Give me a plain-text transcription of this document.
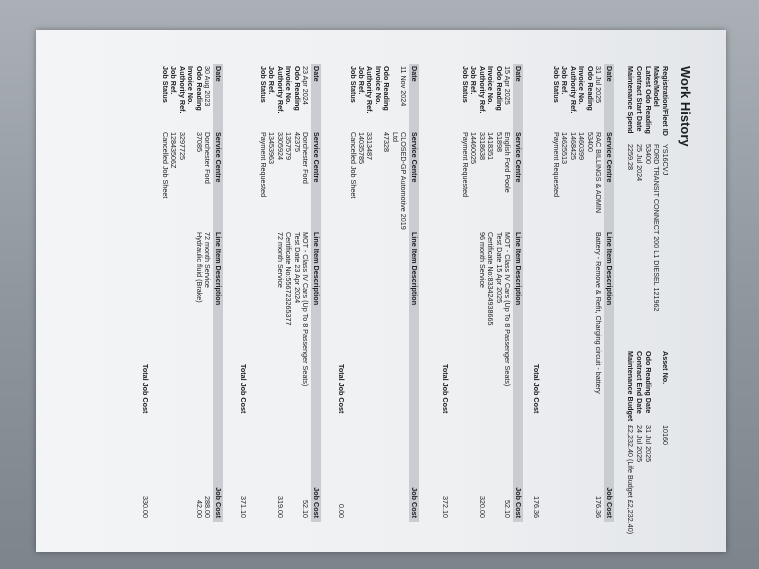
Work History
Registration/Fleet ID
YS16CVJ
Make/Model
FORD TRANSIT CONNECT 200 L1 DIESEL 121962
Latest Odo Reading
53400
Contract Start Date
25 Jul 2024
Maintenance Spend
2259.28
Asset No.
10160
Odo Reading Date
31 Jul 2025
Contract End Date
24 Jul 2025
Maintenance Budget
£2,232.40 (Life Budget £2,232.40)
Date
Service Centre
Line Item Description
Job Cost
31 Jul 2025
Odo Reading
Invoice No.
Authority Ref.
Job Ref.
Job Status
RAC BILLINGS & ADMIN
53400
1460399
1468425
14625513
Payment Requested
Battery - Remove & Refit, Charging circuit - battery
176.36
Total Job Cost
176.36
Date
Service Centre
Line Item Description
Job Cost
15 Apr 2025
Odo Reading
Invoice No.
Authority Ref.
Job Ref.
Job Status
English Ford Poole
51898
1418351
3318638
14460025
Payment Requested
MOT - Class IV Cars (Up To 8 Passenger Seats)
Test Date 15 Apr 2025
Certificate No:833424938665
96 month Service
52.10
320.00
Total Job Cost
372.10
Date
Service Centre
Line Item Description
Job Cost
11 Nov 2024
Odo Reading
Invoice No.
Authority Ref.
Job Ref.
Job Status
CLOSED-GP Automotive 2019 Ltd
47328
3313487
14035785
Cancelled Job Sheet
Total Job Cost
0.00
Date
Service Centre
Line Item Description
Job Cost
23 Apr 2024
Odo Reading
Invoice No.
Authority Ref.
Job Ref.
Job Status
Dorchester Ford
42375
1357579
3305924
13453963
Payment Requested
MOT - Class IV Cars (Up To 8 Passenger Seats)
Test Date 23 Apr 2024
Certificate No:556723265377
72 month Service
52.10
319.00
Total Job Cost
371.10
Date
Service Centre
Line Item Description
Job Cost
30 Aug 2023
Odo Reading
Invoice No.
Authority Ref.
Job Ref.
Job Status
Dorchester Ford
37085
3297725
12843506Z
Cancelled Job Sheet
72 month Service
Hydraulic fluid (Brake)
288.00
42.00
Total Job Cost
330.00
